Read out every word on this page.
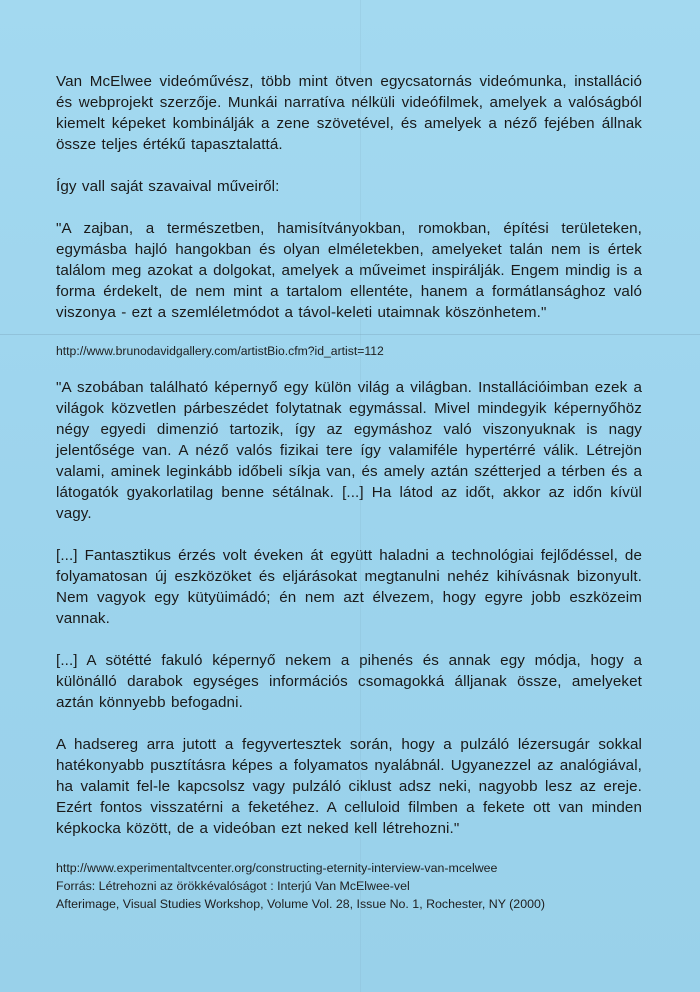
Van McElwee videóművész, több mint ötven egycsatornás videómunka, installáció és webprojekt szerzője. Munkái narratíva nélküli videófilmek, amelyek a valóságból kiemelt képeket kombinálják a zene szövetével, és amelyek a néző fejében állnak össze teljes értékű tapasztalattá.

Így vall saját szavaival műveiről:

"A zajban, a természetben, hamisítványokban, romokban, építési területeken, egymásba hajló hangokban és olyan elméletekben, amelyeket talán nem is értek találom meg azokat a dolgokat, amelyek a műveimet inspirálják. Engem mindig is a forma érdekelt, de nem mint a tartalom ellentéte, hanem a formátlansághoz való viszonya - ezt a szemléletmódot a távol-keleti utaimnak köszönhetem."

http://www.brunodavidgallery.com/artistBio.cfm?id_artist=112

"A szobában található képernyő egy külön világ a világban. Installációimban ezek a világok közvetlen párbeszédet folytatnak egymással. Mivel mindegyik képernyőhöz négy egyedi dimenzió tartozik, így az egymáshoz való viszonyuknak is nagy jelentősége van. A néző valós fizikai tere így valamiféle hypertérré válik. Létrejön valami, aminek leginkább időbeli síkja van, és amely aztán szétterjed a térben és a látogatók gyakorlatilag benne sétálnak. [...] Ha látod az időt, akkor az időn kívül vagy.

[...] Fantasztikus érzés volt éveken át együtt haladni a technológiai fejlődéssel, de folyamatosan új eszközöket és eljárásokat megtanulni nehéz kihívásnak bizonyult. Nem vagyok egy kütyüimádó; én nem azt élvezem, hogy egyre jobb eszközeim vannak.

[...] A sötétté fakuló képernyő nekem a pihenés és annak egy módja, hogy a különálló darabok egységes információs csomagokká álljanak össze, amelyeket aztán könnyebb befogadni.

A hadsereg arra jutott a fegyvertesztek során, hogy a pulzáló lézersugár sokkal hatékonyabb pusztításra képes a folyamatos nyalábnál. Ugyanezzel az analógiával, ha valamit fel-le kapcsolsz vagy pulzáló ciklust adsz neki, nagyobb lesz az ereje. Ezért fontos visszatérni a feketéhez. A celluloid filmben a fekete ott van minden képkocka között, de a videóban ezt neked kell létrehozni."

http://www.experimentaltvcenter.org/constructing-eternity-interview-van-mcelwee

Forrás: Létrehozni az örökkévalóságot : Interjú Van McElwee-vel

Afterimage, Visual Studies Workshop, Volume Vol. 28, Issue No. 1, Rochester, NY (2000)
